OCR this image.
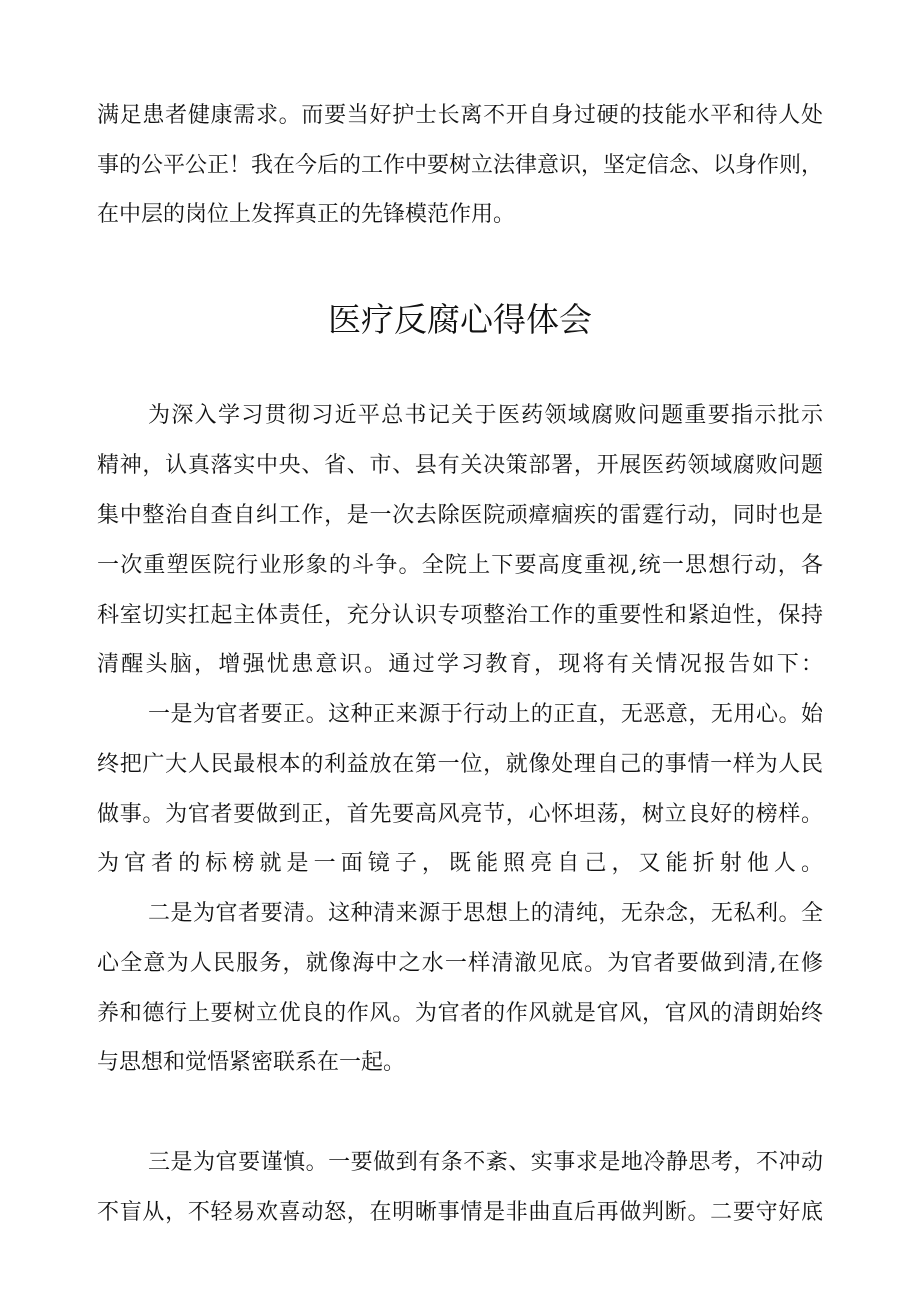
满足患者健康需求。而要当好护士长离不开自身过硬的技能水平和待人处

事的公平公正！我在今后的工作中要树立法律意识，坚定信念、以身作则，

在中层的岗位上发挥真正的先锋模范作用。

医疗反腐心得体会

为深入学习贯彻习近平总书记关于医药领域腐败问题重要指示批示

精神，认真落实中央、省、市、县有关决策部署，开展医药领域腐败问题

集中整治自查自纠工作，是一次去除医院顽瘴痼疾的雷霆行动，同时也是

一次重塑医院行业形象的斗争。全院上下要高度重视,统一思想行动，各

科室切实扛起主体责任，充分认识专项整治工作的重要性和紧迫性，保持

清醒头脑，增强忧患意识。通过学习教育，现将有关情况报告如下：

一是为官者要正。这种正来源于行动上的正直，无恶意，无用心。始

终把广大人民最根本的利益放在第一位，就像处理自己的事情一样为人民

做事。为官者要做到正，首先要高风亮节，心怀坦荡，树立良好的榜样。

为官者的标榜就是一面镜子，既能照亮自己，又能折射他人。

二是为官者要清。这种清来源于思想上的清纯，无杂念，无私利。全

心全意为人民服务，就像海中之水一样清澈见底。为官者要做到清,在修

养和德行上要树立优良的作风。为官者的作风就是官风，官风的清朗始终

与思想和觉悟紧密联系在一起。

三是为官要谨慎。一要做到有条不紊、实事求是地冷静思考，不冲动

不盲从，不轻易欢喜动怒，在明晰事情是非曲直后再做判断。二要守好底
